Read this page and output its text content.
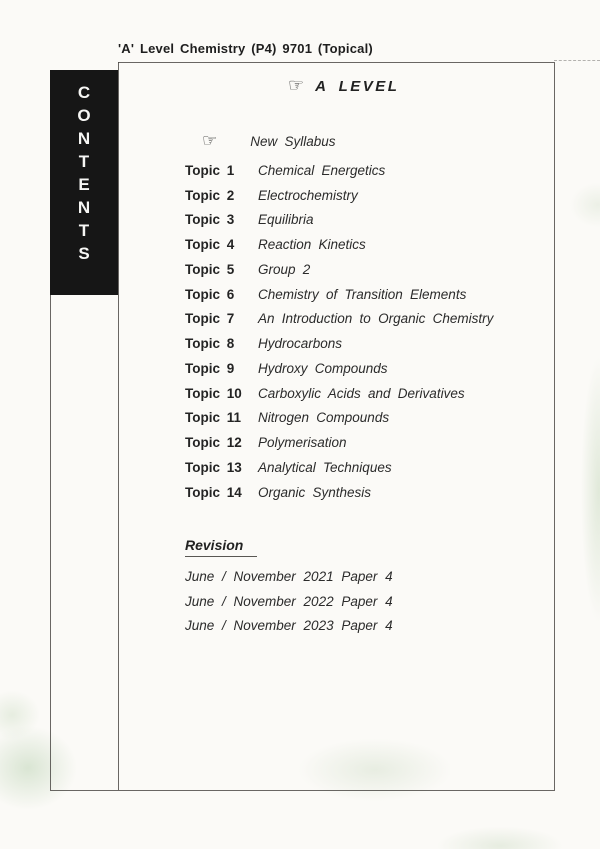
'A' Level Chemistry (P4) 9701 (Topical)
C
O
N
T
E
N
T
S
☞ A LEVEL
☞ New Syllabus
Topic 1	Chemical Energetics
Topic 2	Electrochemistry
Topic 3	Equilibria
Topic 4	Reaction Kinetics
Topic 5	Group 2
Topic 6	Chemistry of Transition Elements
Topic 7	An Introduction to Organic Chemistry
Topic 8	Hydrocarbons
Topic 9	Hydroxy Compounds
Topic 10	Carboxylic Acids and Derivatives
Topic 11	Nitrogen Compounds
Topic 12	Polymerisation
Topic 13	Analytical Techniques
Topic 14	Organic Synthesis
Revision
June / November 2021 Paper 4
June / November 2022 Paper 4
June / November 2023 Paper 4
